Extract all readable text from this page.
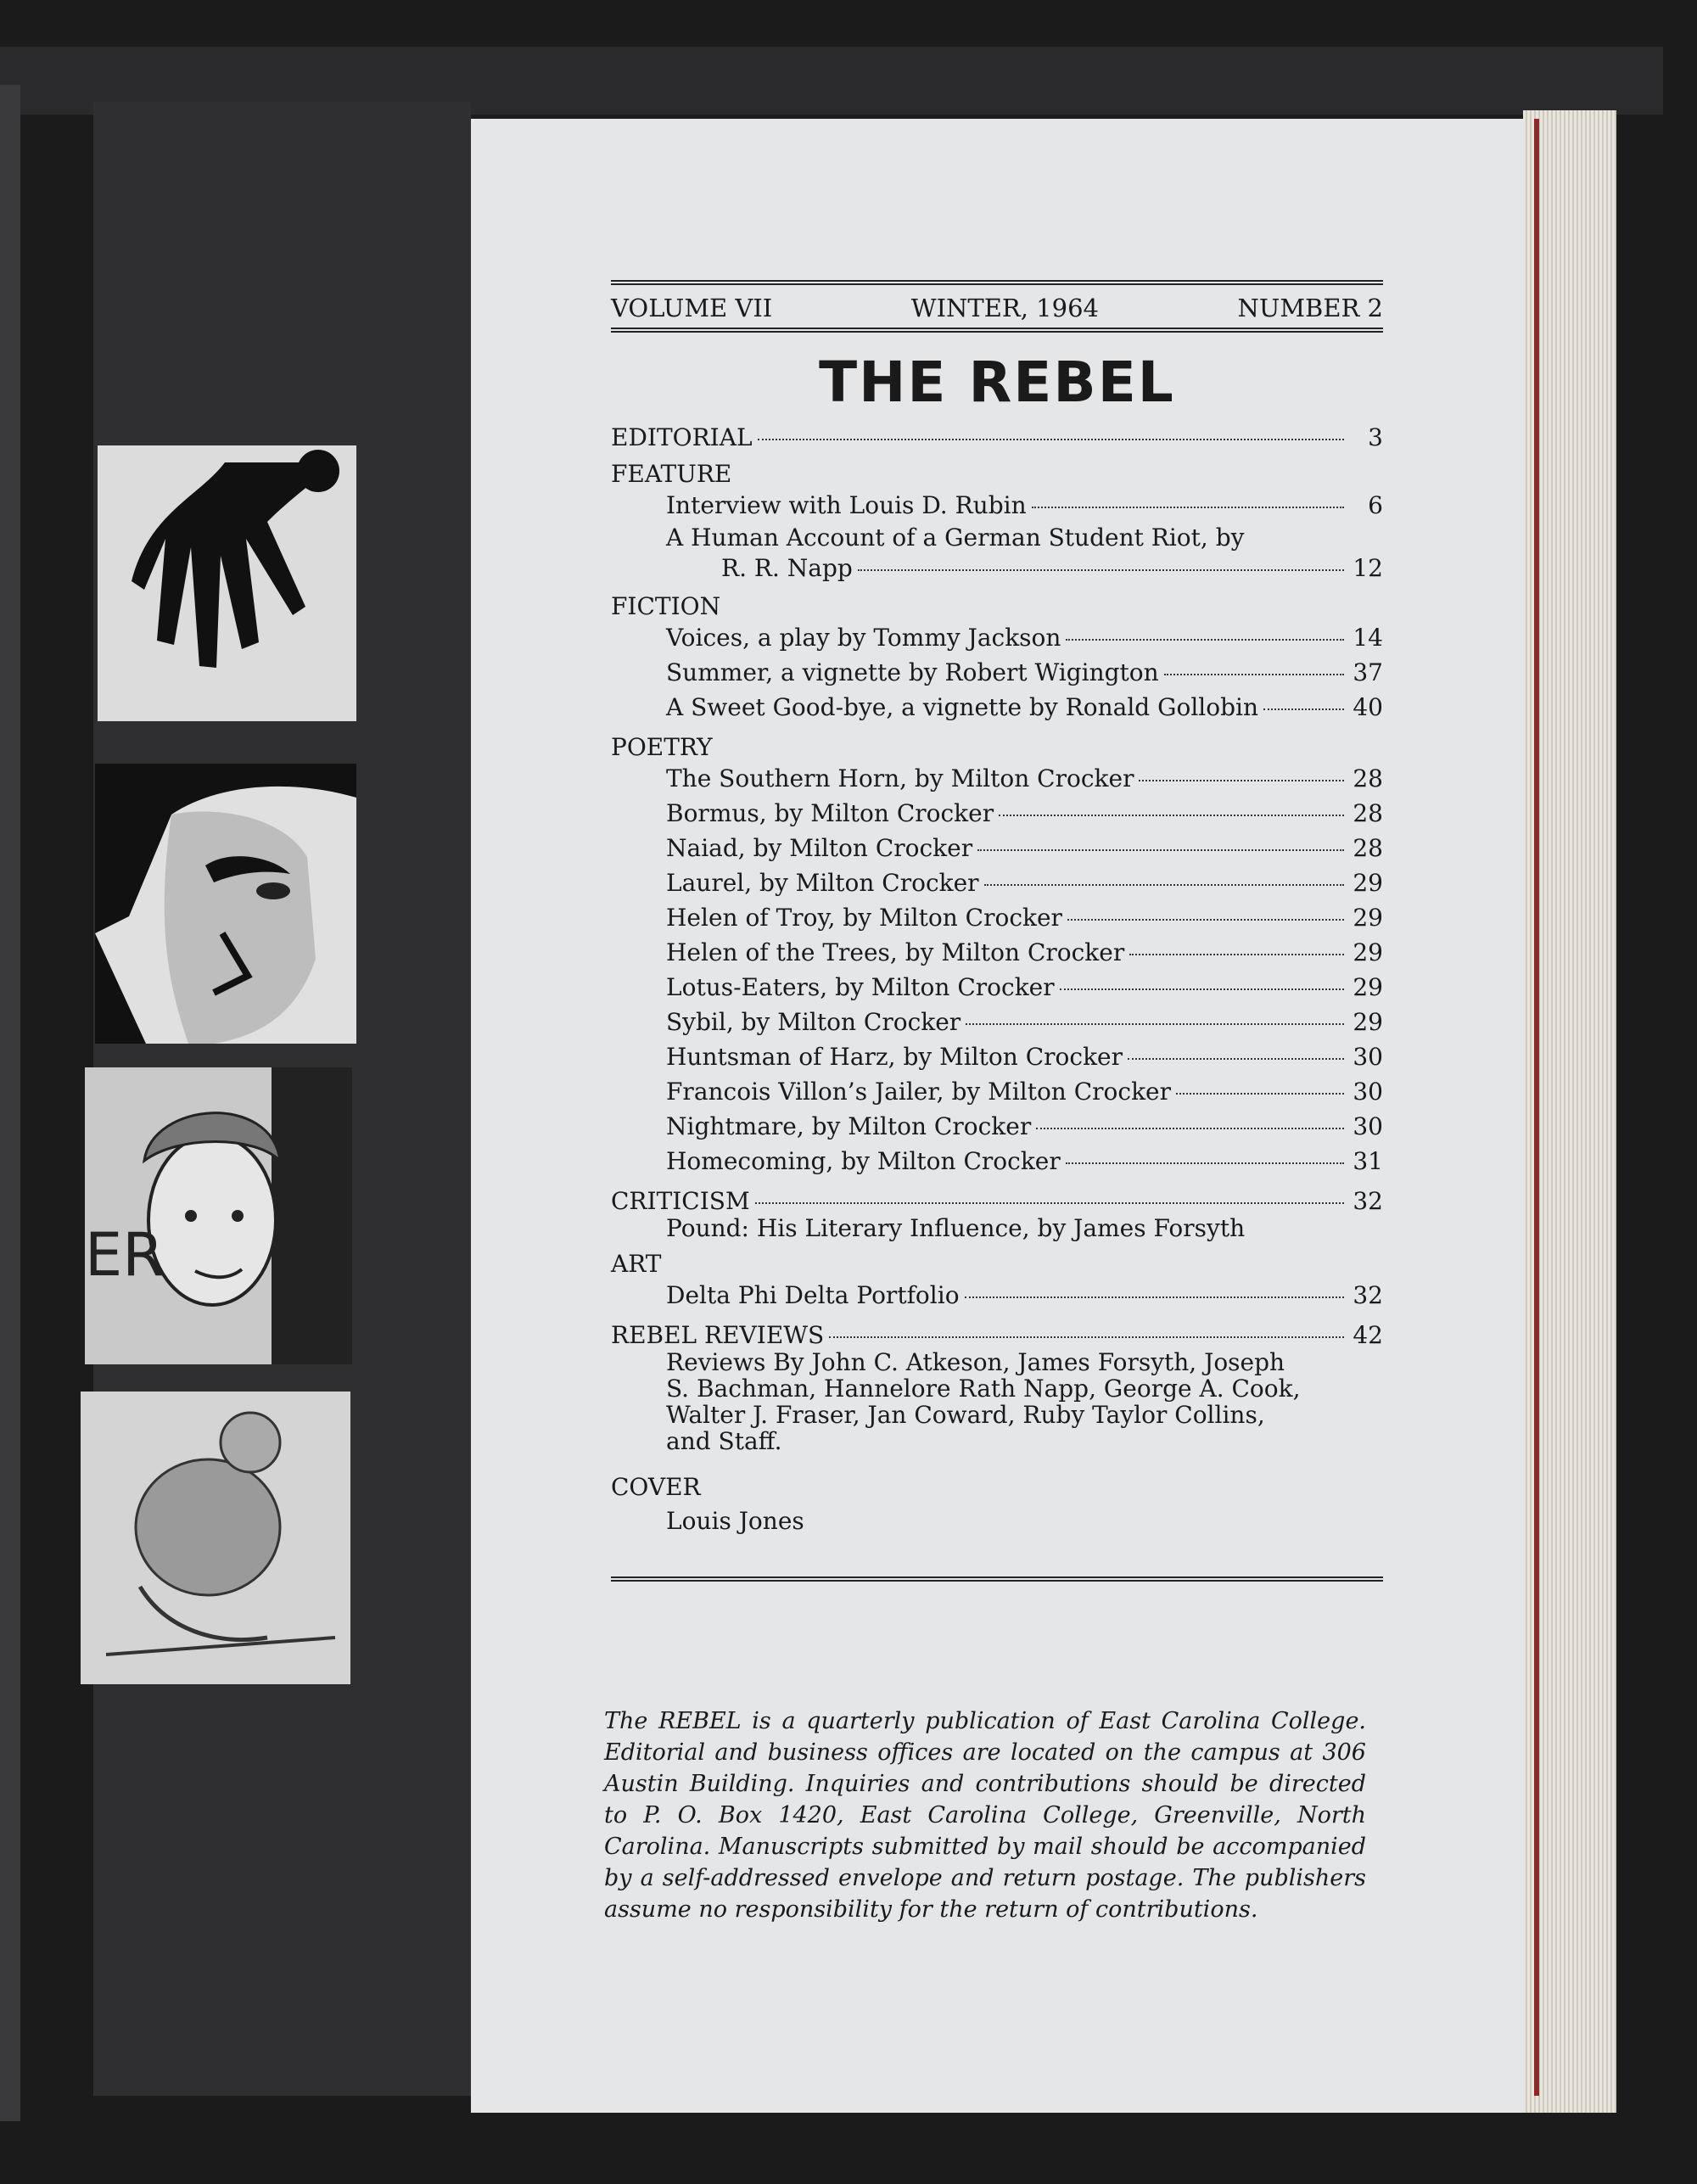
ER
VOLUME VII	WINTER, 1964	NUMBER 2
THE REBEL
EDITORIAL	3
FEATURE
Interview with Louis D. Rubin	6
A Human Account of a German Student Riot, by
R. R. Napp	12
FICTION
Voices, a play by Tommy Jackson	14
Summer, a vignette by Robert Wigington	37
A Sweet Good-bye, a vignette by Ronald Gollobin	40
POETRY
The Southern Horn, by Milton Crocker	28
Bormus, by Milton Crocker	28
Naiad, by Milton Crocker	28
Laurel, by Milton Crocker	29
Helen of Troy, by Milton Crocker	29
Helen of the Trees, by Milton Crocker	29
Lotus-Eaters, by Milton Crocker	29
Sybil, by Milton Crocker	29
Huntsman of Harz, by Milton Crocker	30
Francois Villon’s Jailer, by Milton Crocker	30
Nightmare, by Milton Crocker	30
Homecoming, by Milton Crocker	31
CRITICISM	32
Pound: His Literary Influence, by James Forsyth
ART
Delta Phi Delta Portfolio	32
REBEL REVIEWS	42
Reviews By John C. Atkeson, James Forsyth, Joseph
S. Bachman, Hannelore Rath Napp, George A. Cook,
Walter J. Fraser, Jan Coward, Ruby Taylor Collins,
and Staff.
COVER
Louis Jones
The REBEL is a quarterly publication of East Carolina College. Editorial and business offices are located on the campus at 306 Austin Building. Inquiries and contributions should be directed to P. O. Box 1420, East Carolina College, Greenville, North Carolina. Manuscripts submitted by mail should be accompanied by a self-addressed envelope and return postage. The publishers assume no responsibility for the return of contributions.
